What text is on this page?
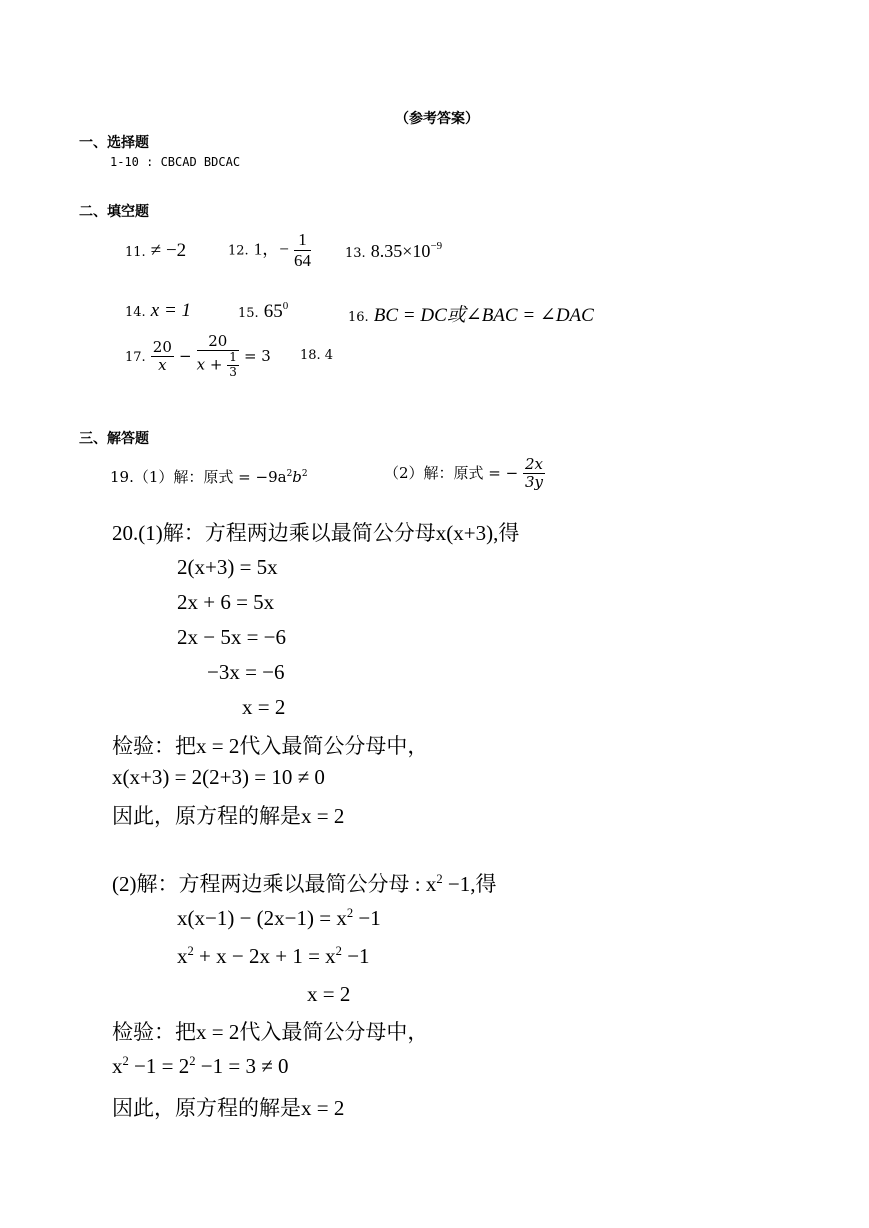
（参考答案）
一、选择题
1-10 : CBCAD BDCAC
二、填空题
11. ≠ −2	12. 1，− $\frac{1}{64}$	13. $8.35\times 10^{-9}$
14. x = 1	15. $65^0$
16. BC = DC或∠BAC = ∠DAC
17. $\frac{20}{x} - \frac{20}{x + \frac{1}{3}} = 3$ 18. 4
三、解答题
19.（1）解：原式 = $-9a^2b^2$	（2）解：原式 = − $\frac{2x}{3y}$
20.(1)解：方程两边乘以最简公分母x(x+3),得
2(x+3) = 5x
2x + 6 = 5x
2x − 5x = −6
−3x = −6
x = 2
检验：把x = 2代入最简公分母中，
x(x+3) = 2(2+3) = 10 ≠ 0
因此，原方程的解是x = 2
(2)解：方程两边乘以最简公分母 : $x^2 -1$,得
$x(x-1) - (2x-1) = x^2 -1$
$x^2 + x - 2x + 1 = x^2 -1$
x = 2
检验：把x = 2代入最简公分母中，
$x^2 -1 = 2^2 -1 = 3 \ne 0$
因此，原方程的解是x = 2
